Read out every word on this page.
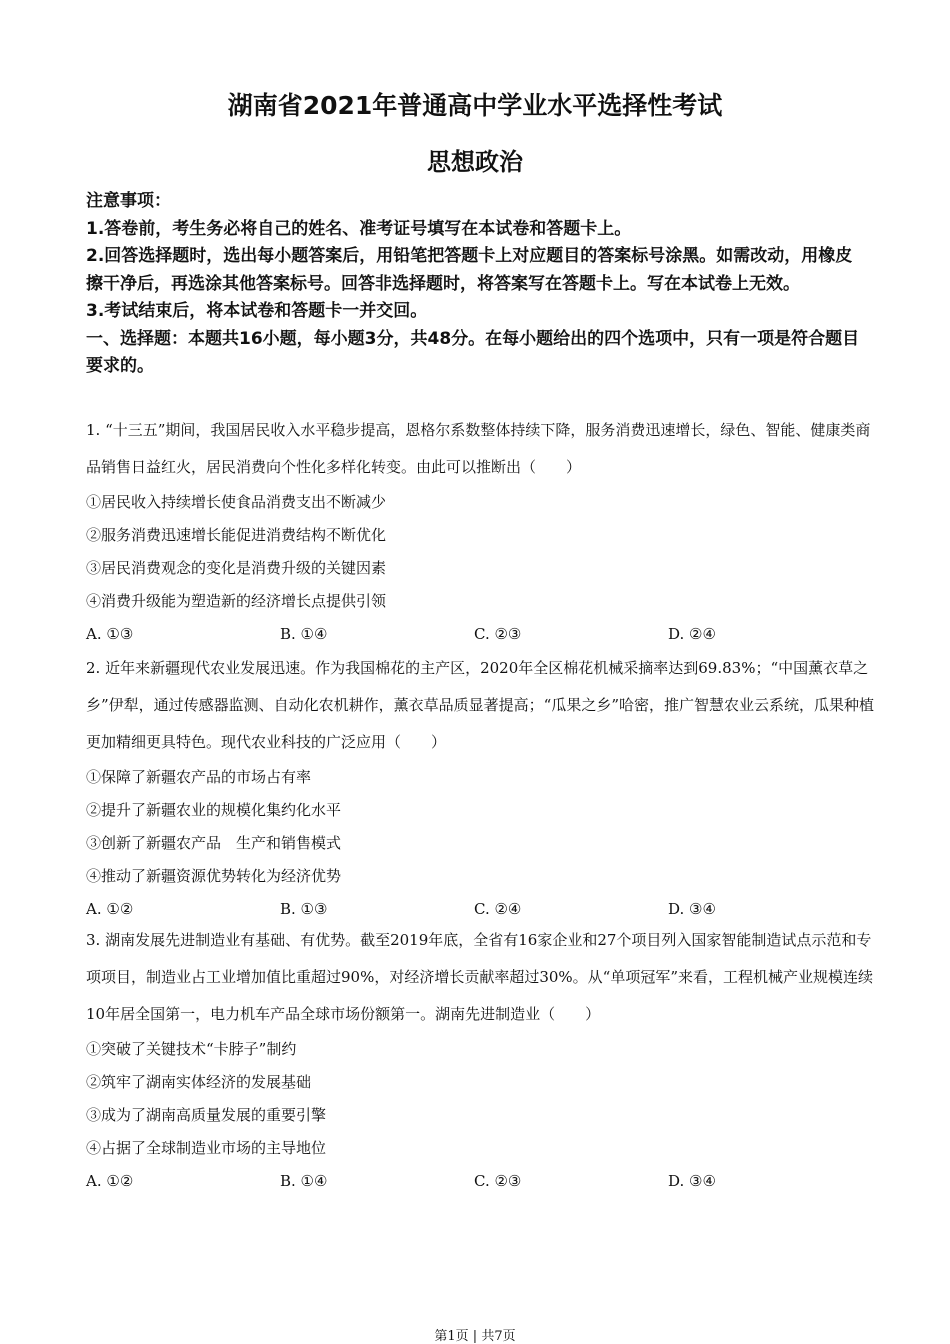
湖南省2021年普通高中学业水平选择性考试
思想政治
注意事项：
1.答卷前，考生务必将自己的姓名、准考证号填写在本试卷和答题卡上。
2.回答选择题时，选出每小题答案后，用铅笔把答题卡上对应题目的答案标号涂黑。如需改动，用橡皮擦干净后，再选涂其他答案标号。回答非选择题时，将答案写在答题卡上。写在本试卷上无效。
3.考试结束后，将本试卷和答题卡一并交回。
一、选择题：本题共16小题，每小题3分，共48分。在每小题给出的四个选项中，只有一项是符合题目要求的。
1. “十三五”期间，我国居民收入水平稳步提高，恩格尔系数整体持续下降，服务消费迅速增长，绿色、智能、健康类商品销售日益红火，居民消费向个性化多样化转变。由此可以推断出（　　）
①居民收入持续增长使食品消费支出不断减少
②服务消费迅速增长能促进消费结构不断优化
③居民消费观念的变化是消费升级的关键因素
④消费升级能为塑造新的经济增长点提供引领
A. ①③	B. ①④	C. ②③	D. ②④
2. 近年来新疆现代农业发展迅速。作为我国棉花的主产区，2020年全区棉花机械采摘率达到69.83%；“中国薰衣草之乡”伊犁，通过传感器监测、自动化农机耕作，薰衣草品质显著提高；“瓜果之乡”哈密，推广智慧农业云系统，瓜果种植更加精细更具特色。现代农业科技的广泛应用（　　）
①保障了新疆农产品的市场占有率
②提升了新疆农业的规模化集约化水平
③创新了新疆农产品　生产和销售模式
④推动了新疆资源优势转化为经济优势
A. ①②	B. ①③	C. ②④	D. ③④
3. 湖南发展先进制造业有基础、有优势。截至2019年底，全省有16家企业和27个项目列入国家智能制造试点示范和专项项目，制造业占工业增加值比重超过90%，对经济增长贡献率超过30%。从“单项冠军”来看，工程机械产业规模连续10年居全国第一，电力机车产品全球市场份额第一。湖南先进制造业（　　）
①突破了关键技术“卡脖子”制约
②筑牢了湖南实体经济的发展基础
③成为了湖南高质量发展的重要引擎
④占据了全球制造业市场的主导地位
A. ①②	B. ①④	C. ②③	D. ③④
第1页 | 共7页
